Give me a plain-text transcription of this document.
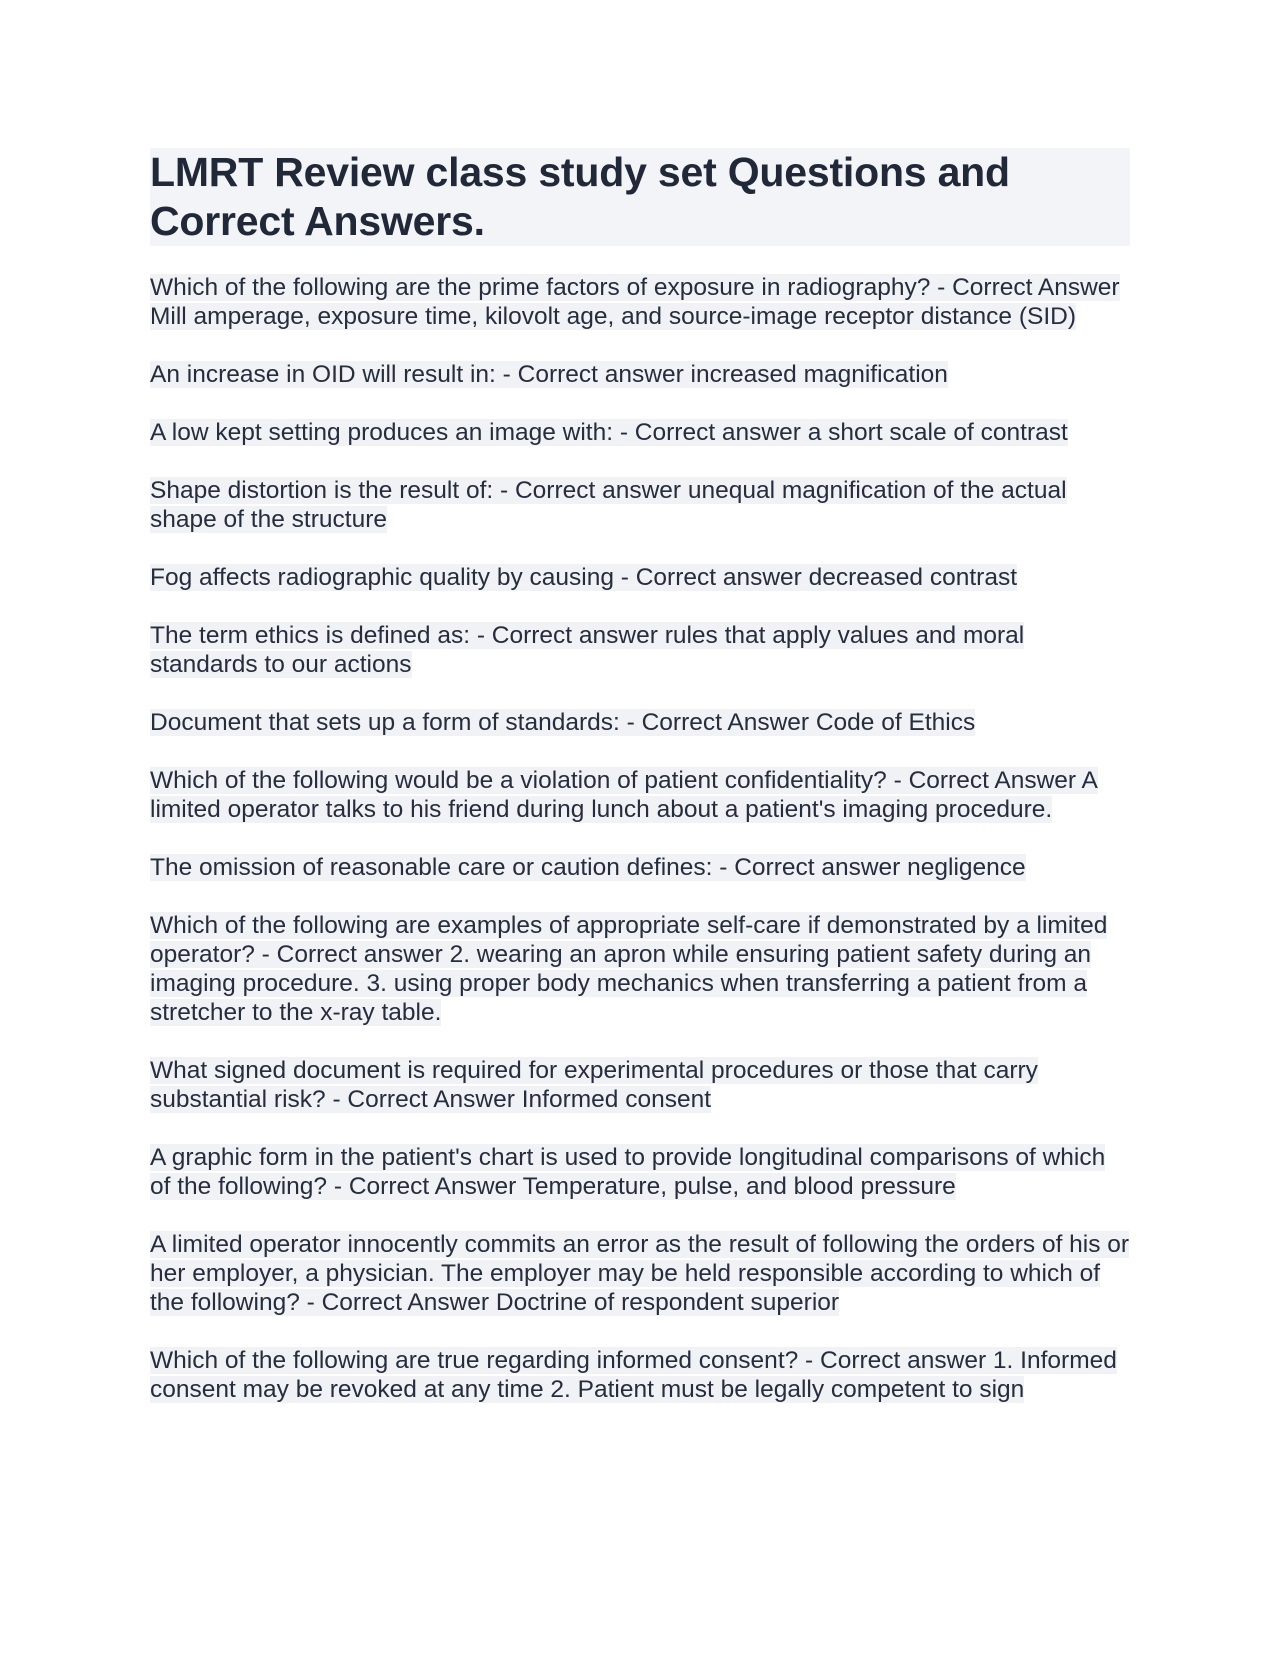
LMRT Review class study set Questions and Correct Answers.

Which of the following are the prime factors of exposure in radiography? - Correct Answer Mill amperage, exposure time, kilovolt age, and source-image receptor distance (SID)

An increase in OID will result in: - Correct answer increased magnification

A low kept setting produces an image with: - Correct answer a short scale of contrast

Shape distortion is the result of: - Correct answer unequal magnification of the actual shape of the structure

Fog affects radiographic quality by causing - Correct answer decreased contrast

The term ethics is defined as: - Correct answer rules that apply values and moral standards to our actions

Document that sets up a form of standards: - Correct Answer Code of Ethics

Which of the following would be a violation of patient confidentiality? - Correct Answer A limited operator talks to his friend during lunch about a patient's imaging procedure.

The omission of reasonable care or caution defines: - Correct answer negligence

Which of the following are examples of appropriate self-care if demonstrated by a limited operator? - Correct answer 2. wearing an apron while ensuring patient safety during an imaging procedure. 3. using proper body mechanics when transferring a patient from a stretcher to the x-ray table.

What signed document is required for experimental procedures or those that carry substantial risk? - Correct Answer Informed consent

A graphic form in the patient's chart is used to provide longitudinal comparisons of which of the following? - Correct Answer Temperature, pulse, and blood pressure

A limited operator innocently commits an error as the result of following the orders of his or her employer, a physician. The employer may be held responsible according to which of the following? - Correct Answer Doctrine of respondent superior

Which of the following are true regarding informed consent? - Correct answer 1. Informed consent may be revoked at any time 2. Patient must be legally competent to sign
